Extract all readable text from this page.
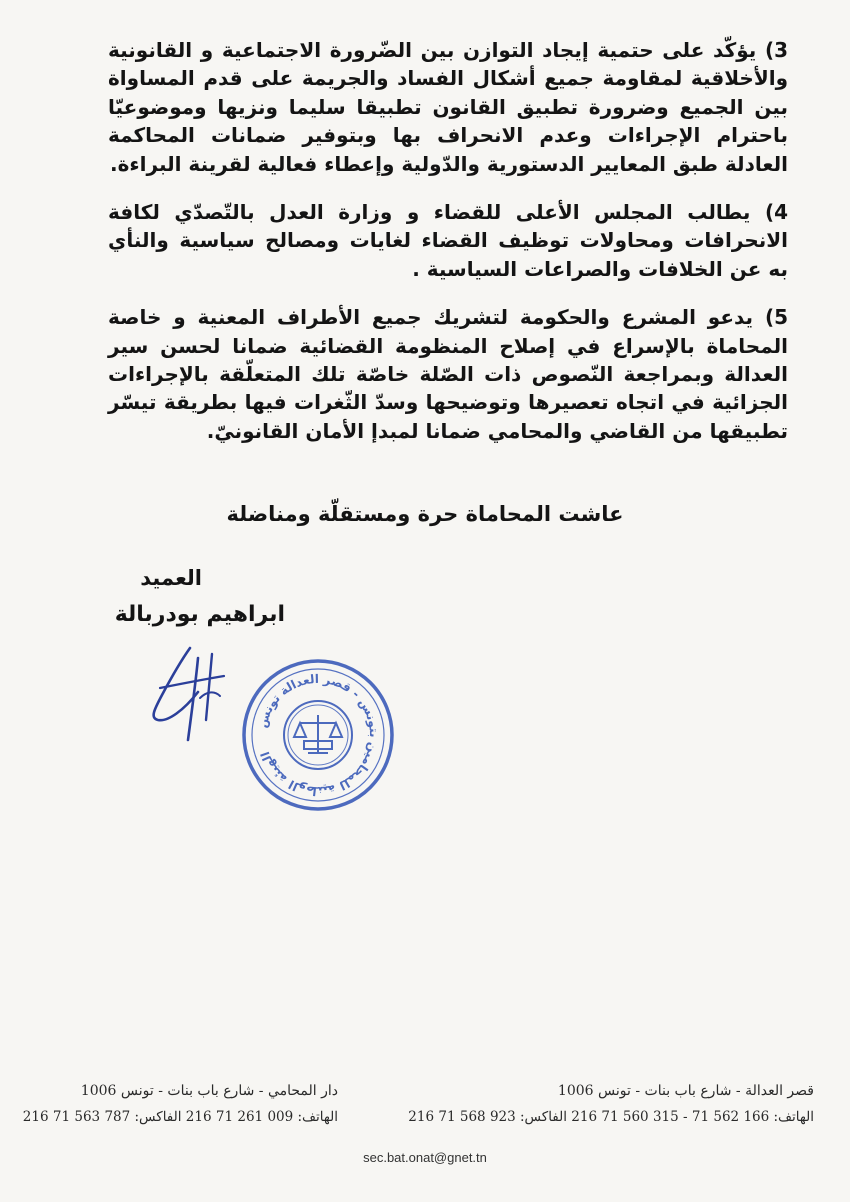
3) يؤكّد على حتمية إيجاد التوازن بين الضّرورة الاجتماعية و القانونية والأخلاقية لمقاومة جميع أشكال الفساد والجريمة على قدم المساواة بين الجميع وضرورة تطبيق القانون تطبيقا سليما ونزيها وموضوعيّا باحترام الإجراءات وعدم الانحراف بها وبتوفير ضمانات المحاكمة العادلة طبق المعايير الدستورية والدّولية وإعطاء فعالية لقرينة البراءة.

4) يطالب المجلس الأعلى للقضاء و وزارة العدل بالتّصدّي لكافة الانحرافات ومحاولات توظيف القضاء لغايات ومصالح سياسية والنأي به عن الخلافات والصراعات السياسية .

5) يدعو المشرع والحكومة لتشريك جميع الأطراف المعنية و خاصة المحاماة بالإسراع في إصلاح المنظومة القضائية ضمانا لحسن سير العدالة وبمراجعة النّصوص ذات الصّلة خاصّة تلك المتعلّقة بالإجراءات الجزائية في اتجاه تعصيرها وتوضيحها وسدّ الثّغرات فيها بطريقة تيسّر تطبيقها من القاضي والمحامي ضمانا لمبدإ الأمان القانونيّ.

عاشت المحاماة حرة ومستقلّة ومناضلة
العميد
ابراهيم بودربالة
الهيئة الوطنية للمحامين بتونس - قصر العدالة تونس
قصر العدالة - شارع باب بنات - تونس 1006
الهاتف: 166 562 71 - 315 560 71 216 الفاكس: 923 568 71 216
دار المحامي - شارع باب بنات - تونس 1006
الهاتف: 009 261 71 216 الفاكس: 787 563 71 216
sec.bat.onat@gnet.tn
